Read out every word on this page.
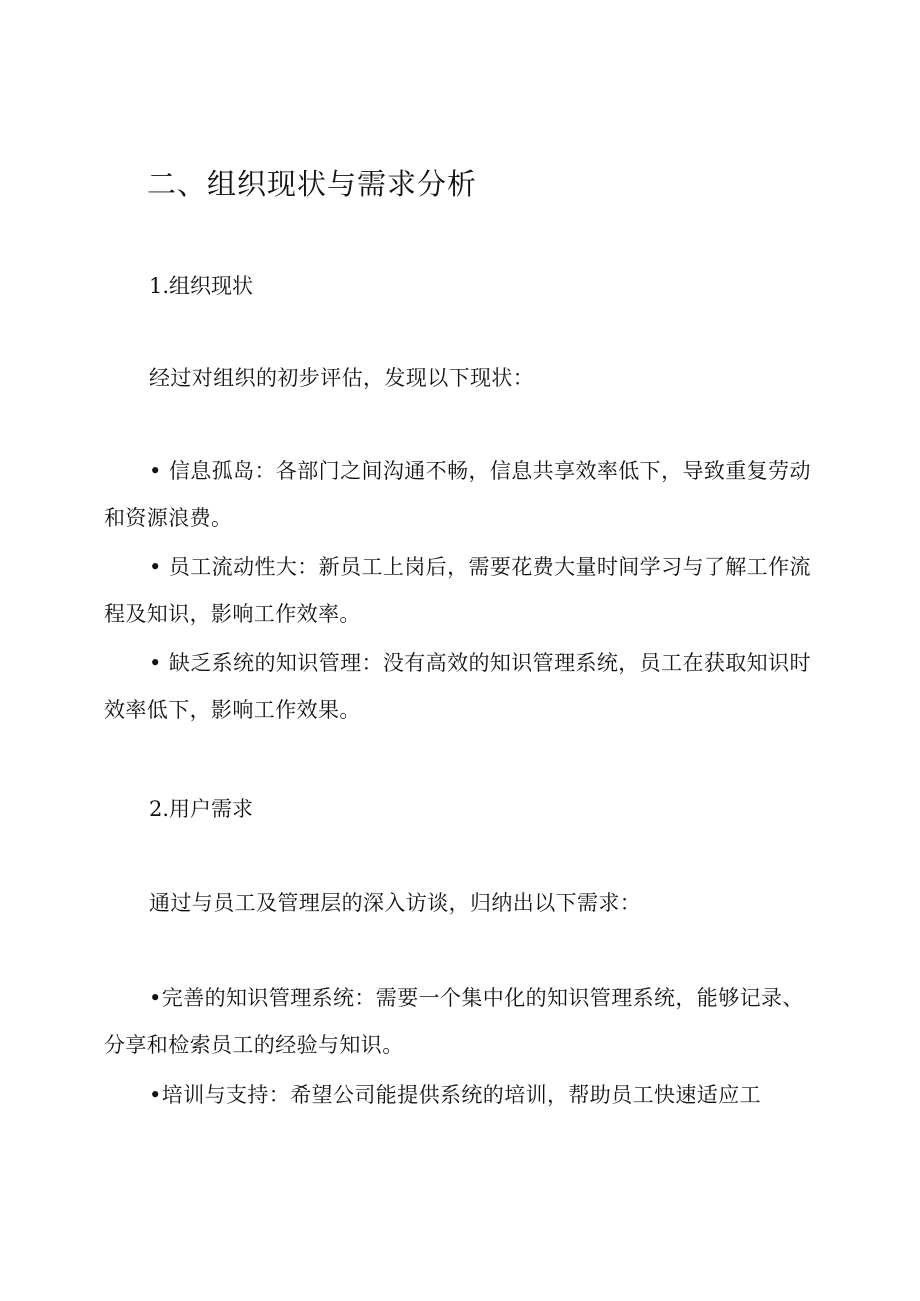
二、组织现状与需求分析
1.组织现状

经过对组织的初步评估，发现以下现状：

• 信息孤岛：各部门之间沟通不畅，信息共享效率低下，导致重复劳动和资源浪费。

• 员工流动性大：新员工上岗后，需要花费大量时间学习与了解工作流程及知识，影响工作效率。

• 缺乏系统的知识管理：没有高效的知识管理系统，员工在获取知识时效率低下，影响工作效果。

2.用户需求

通过与员工及管理层的深入访谈，归纳出以下需求：

•完善的知识管理系统：需要一个集中化的知识管理系统，能够记录、分享和检索员工的经验与知识。

•培训与支持：希望公司能提供系统的培训，帮助员工快速适应工
